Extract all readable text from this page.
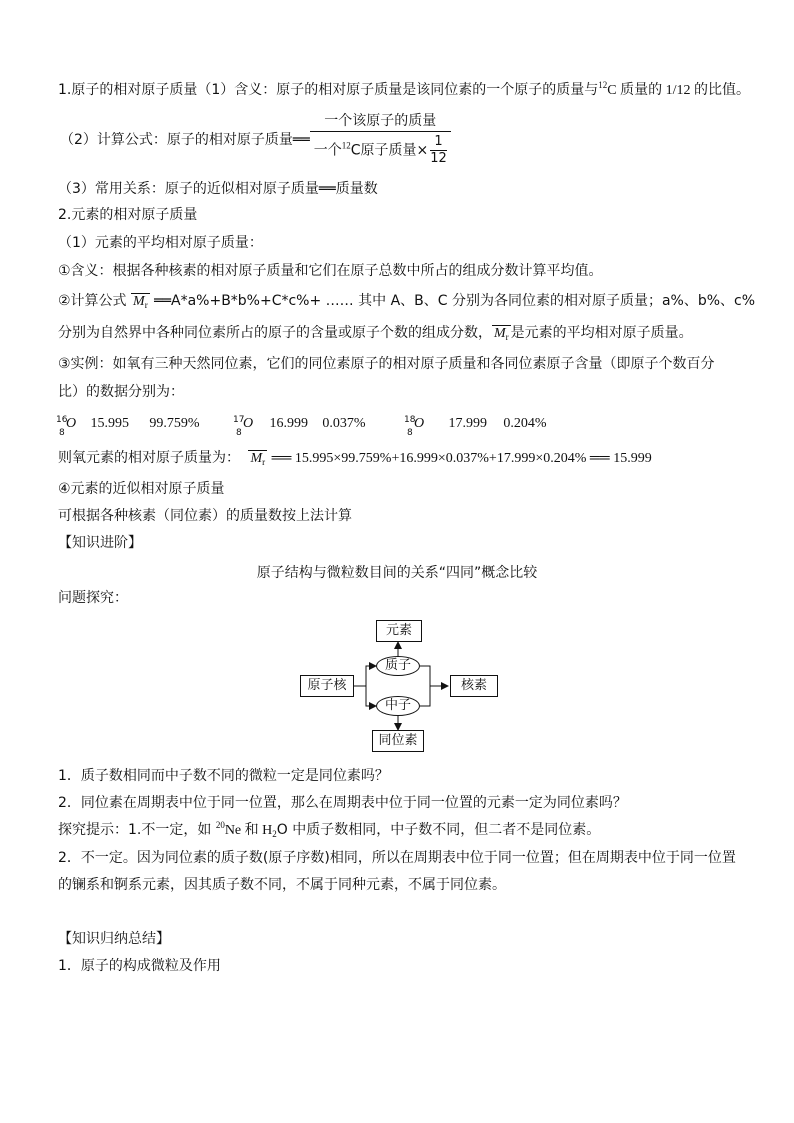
1.原子的相对原子质量（1）含义：原子的相对原子质量是该同位素的一个原子的质量与$^{12}$C 质量的 1/12 的比值。
（2）计算公式：原子的相对原子质量══ $\frac{\text{一个该原子的质量}}{一个^{12}C原子质量\times \frac{1}{12}}$
（3）常用关系：原子的近似相对原子质量══质量数
2.元素的相对原子质量
（1）元素的平均相对原子质量：
①含义：根据各种核素的相对原子质量和它们在原子总数中所占的组成分数计算平均值。
②计算公式 $M_r$ ══A*a%+B*b%+C*c%+ …… 其中 A、B、C 分别为各同位素的相对原子质量；a%、b%、c%
分别为自然界中各种同位素所占的原子的含量或原子个数的组成分数， $M_r$ 是元素的平均相对原子质量。
③实例：如氧有三种天然同位素，它们的同位素原子的相对原子质量和各同位素原子含量（即原子个数百分
比）的数据分别为：
16
8
O 15.995 99.759%	17
8
O 16.999 0.037%	18
8
O 17.999 0.204%
则氧元素的相对原子质量为： $M_r$ ══ 15.995×99.759%+16.999×0.037%+17.999×0.204% ══ 15.999
④元素的近似相对原子质量
可根据各种核素（同位素）的质量数按上法计算
【知识进阶】
原子结构与微粒数目间的关系“四同”概念比较
问题探究：
元素
原子核
质子
中子
核素
同位素
1．质子数相同而中子数不同的微粒一定是同位素吗？
2．同位素在周期表中位于同一位置，那么在周期表中位于同一位置的元素一定为同位素吗？
探究提示：1.不一定，如 $^{20}$Ne 和 $H_2O$ 中质子数相同，中子数不同，但二者不是同位素。
2．不一定。因为同位素的质子数(原子序数)相同，所以在周期表中位于同一位置；但在周期表中位于同一位置
的镧系和锕系元素，因其质子数不同，不属于同种元素，不属于同位素。
【知识归纳总结】
1．原子的构成微粒及作用
